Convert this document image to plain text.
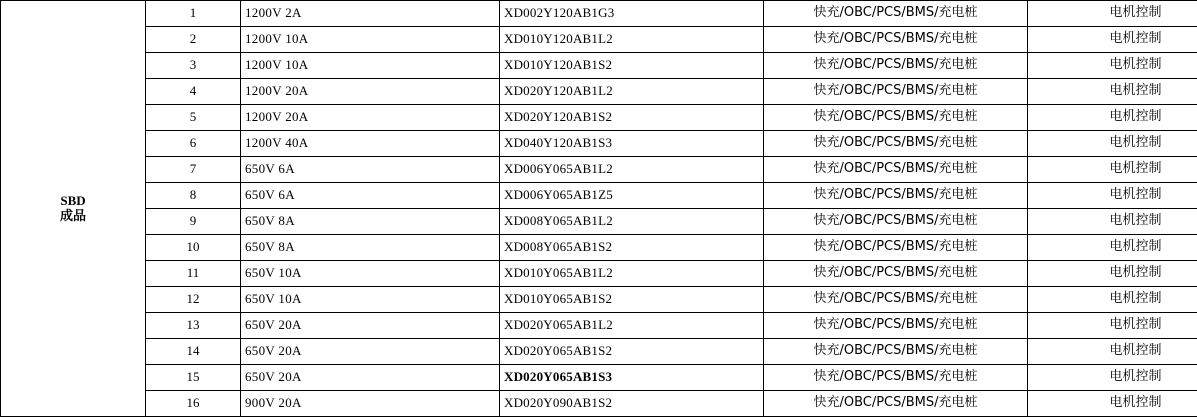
SBD
成品	1	1200V 2A	XD002Y120AB1G3	快充/OBC/PCS/BMS/充电桩	电机控制
	2	1200V 10A	XD010Y120AB1L2	快充/OBC/PCS/BMS/充电桩	电机控制
	3	1200V 10A	XD010Y120AB1S2	快充/OBC/PCS/BMS/充电桩	电机控制
	4	1200V 20A	XD020Y120AB1L2	快充/OBC/PCS/BMS/充电桩	电机控制
	5	1200V 20A	XD020Y120AB1S2	快充/OBC/PCS/BMS/充电桩	电机控制
	6	1200V 40A	XD040Y120AB1S3	快充/OBC/PCS/BMS/充电桩	电机控制
	7	650V 6A	XD006Y065AB1L2	快充/OBC/PCS/BMS/充电桩	电机控制
	8	650V 6A	XD006Y065AB1Z5	快充/OBC/PCS/BMS/充电桩	电机控制
	9	650V 8A	XD008Y065AB1L2	快充/OBC/PCS/BMS/充电桩	电机控制
	10	650V 8A	XD008Y065AB1S2	快充/OBC/PCS/BMS/充电桩	电机控制
	11	650V 10A	XD010Y065AB1L2	快充/OBC/PCS/BMS/充电桩	电机控制
	12	650V 10A	XD010Y065AB1S2	快充/OBC/PCS/BMS/充电桩	电机控制
	13	650V 20A	XD020Y065AB1L2	快充/OBC/PCS/BMS/充电桩	电机控制
	14	650V 20A	XD020Y065AB1S2	快充/OBC/PCS/BMS/充电桩	电机控制
	15	650V 20A	XD020Y065AB1S3	快充/OBC/PCS/BMS/充电桩	电机控制
	16	900V 20A	XD020Y090AB1S2	快充/OBC/PCS/BMS/充电桩	电机控制
